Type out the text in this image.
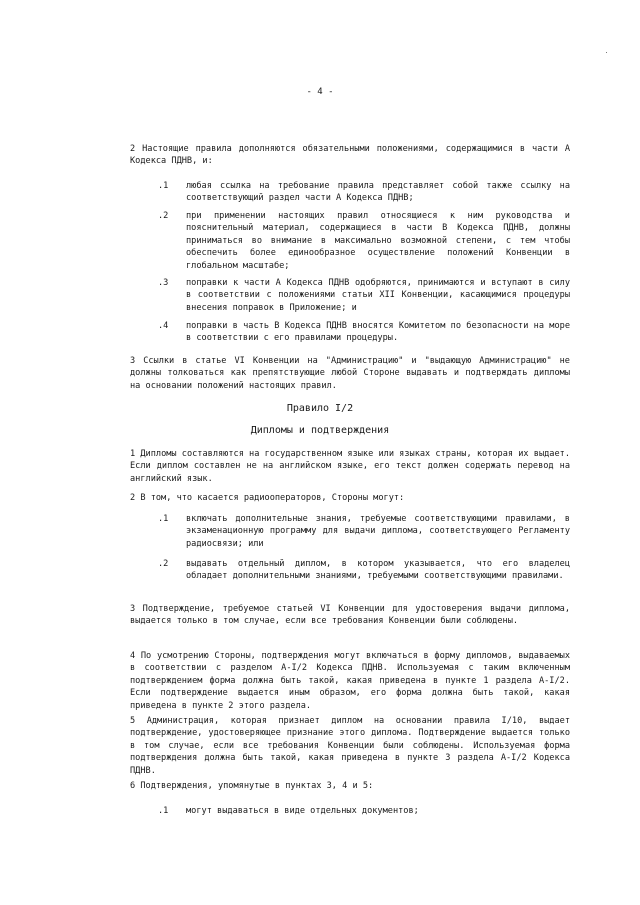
- 4 -
2 Настоящие правила дополняются обязательными положениями, содержащимися в части А Кодекса ПДНВ, и:
.1	любая ссылка на требование правила представляет собой также ссылку на соответствующий раздел части А Кодекса ПДНВ;
.2	при применении настоящих правил относящиеся к ним руководства и пояснительный материал, содержащиеся в части В Кодекса ПДНВ, должны приниматься во внимание в максимально возможной степени, с тем чтобы обеспечить более единообразное осуществление положений Конвенции в глобальном масштабе;
.3	поправки к части А Кодекса ПДНВ одобряются, принимаются и вступают в силу в соответствии с положениями статьи XII Конвенции, касающимися процедуры внесения поправок в Приложение; и
.4	поправки в часть В Кодекса ПДНВ вносятся Комитетом по безопасности на море в соответствии с его правилами процедуры.
3 Ссылки в статье VI Конвенции на "Администрацию" и "выдающую Администрацию" не должны толковаться как препятствующие любой Стороне выдавать и подтверждать дипломы на основании положений настоящих правил.
Правило I/2
Дипломы и подтверждения
1 Дипломы составляются на государственном языке или языках страны, которая их выдает. Если диплом составлен не на английском языке, его текст должен содержать перевод на английский язык.
2 В том, что касается радиооператоров, Стороны могут:
.1	включать дополнительные знания, требуемые соответствующими правилами, в экзаменационную программу для выдачи диплома, соответствующего Регламенту радиосвязи; или
.2	выдавать отдельный диплом, в котором указывается, что его владелец обладает дополнительными знаниями, требуемыми соответствующими правилами.
3 Подтверждение, требуемое статьей VI Конвенции для удостоверения выдачи диплома, выдается только в том случае, если все требования Конвенции были соблюдены.
4 По усмотрению Стороны, подтверждения могут включаться в форму дипломов, выдаваемых в соответствии с разделом A-I/2 Кодекса ПДНВ. Используемая с таким включенным подтверждением форма должна быть такой, какая приведена в пункте 1 раздела A-I/2. Если подтверждение выдается иным образом, его форма должна быть такой, какая приведена в пункте 2 этого раздела.
5 Администрация, которая признает диплом на основании правила I/10, выдает подтверждение, удостоверяющее признание этого диплома. Подтверждение выдается только в том случае, если все требования Конвенции были соблюдены. Используемая форма подтверждения должна быть такой, какая приведена в пункте 3 раздела A-I/2 Кодекса ПДНВ.
6 Подтверждения, упомянутые в пунктах 3, 4 и 5:
.1	могут выдаваться в виде отдельных документов;
